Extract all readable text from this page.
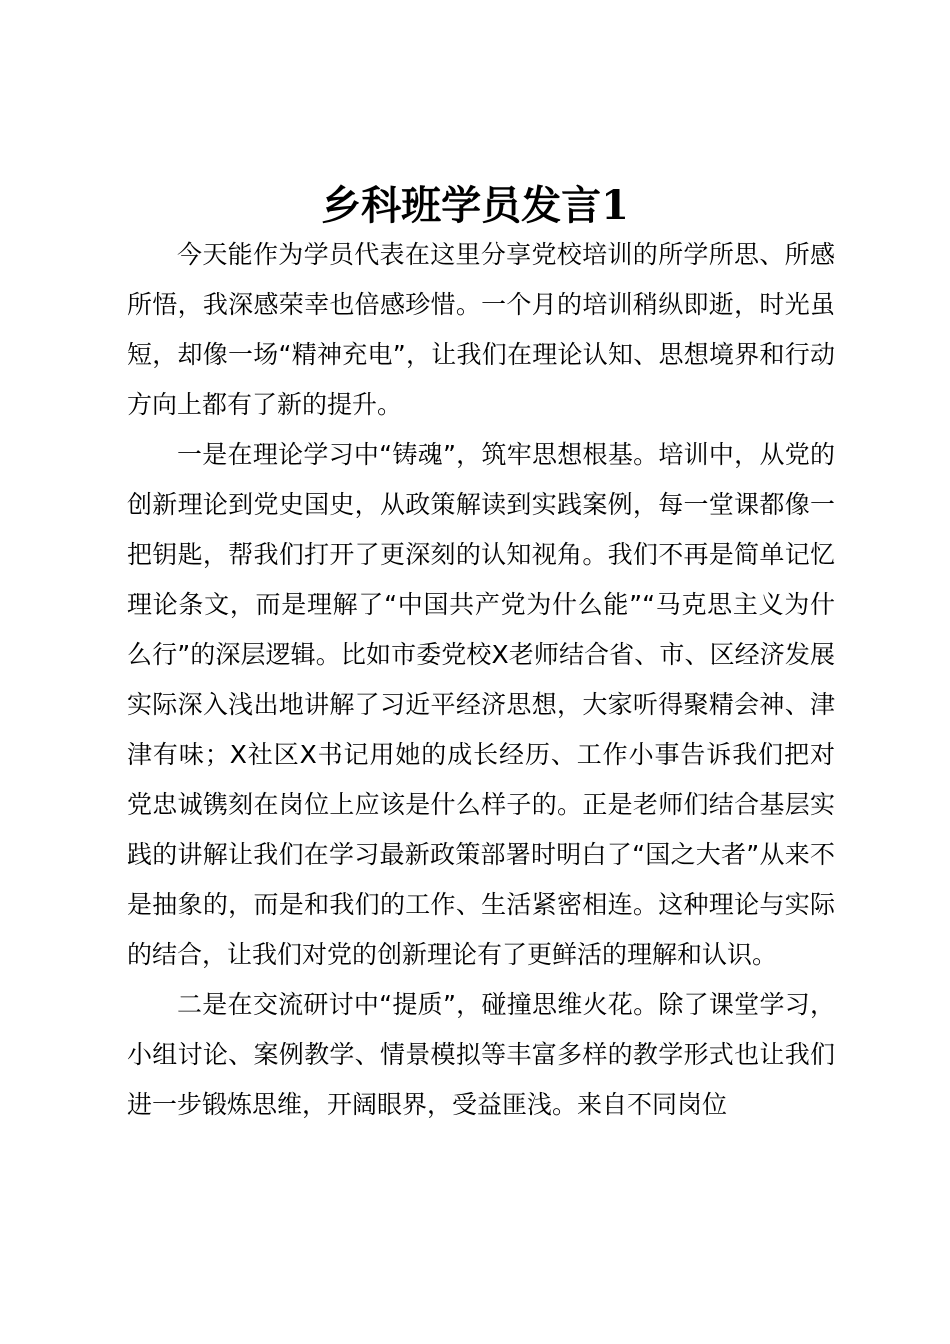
乡科班学员发言1

今天能作为学员代表在这里分享党校培训的所学所思、所感所悟，我深感荣幸也倍感珍惜。一个月的培训稍纵即逝，时光虽短，却像一场“精神充电”，让我们在理论认知、思想境界和行动方向上都有了新的提升。

一是在理论学习中“铸魂”，筑牢思想根基。培训中，从党的创新理论到党史国史，从政策解读到实践案例，每一堂课都像一把钥匙，帮我们打开了更深刻的认知视角。我们不再是简单记忆理论条文，而是理解了“中国共产党为什么能”“马克思主义为什么行”的深层逻辑。比如市委党校X老师结合省、市、区经济发展实际深入浅出地讲解了习近平经济思想，大家听得聚精会神、津津有味；X社区X书记用她的成长经历、工作小事告诉我们把对党忠诚镌刻在岗位上应该是什么样子的。正是老师们结合基层实践的讲解让我们在学习最新政策部署时明白了“国之大者”从来不是抽象的，而是和我们的工作、生活紧密相连。这种理论与实际的结合，让我们对党的创新理论有了更鲜活的理解和认识。

二是在交流研讨中“提质”，碰撞思维火花。除了课堂学习，小组讨论、案例教学、情景模拟等丰富多样的教学形式也让我们进一步锻炼思维，开阔眼界，受益匪浅。来自不同岗位
